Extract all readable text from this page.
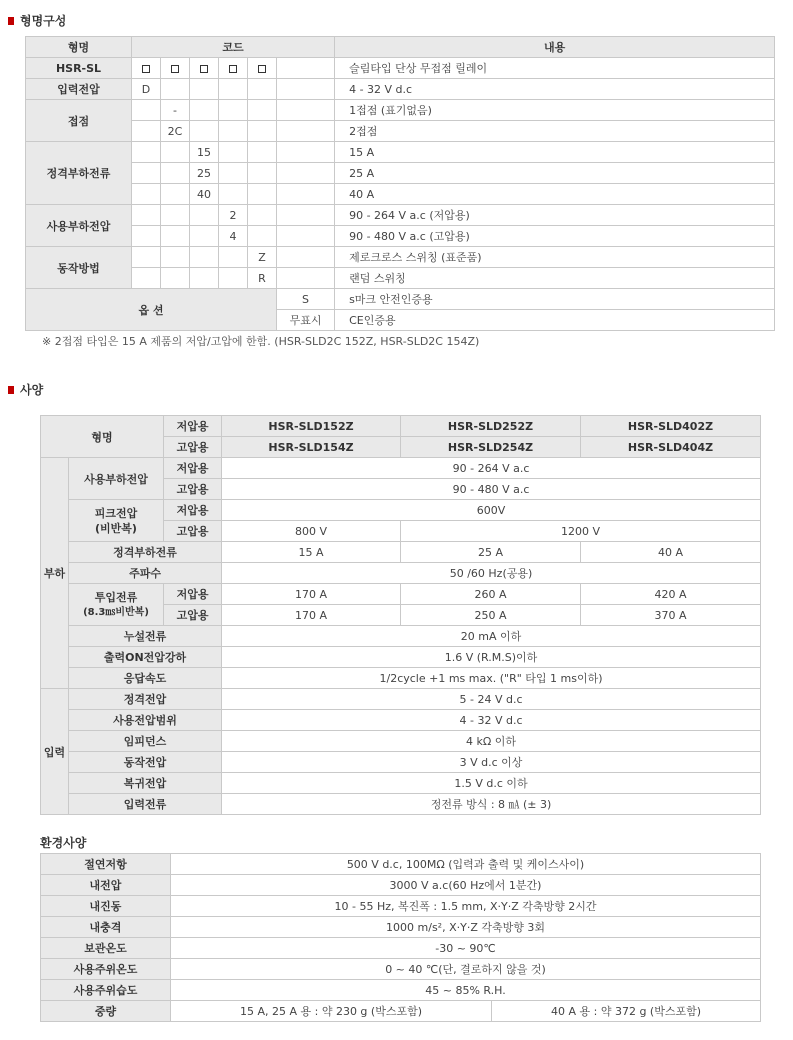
형명구성
형명	코드						내용
HSR-SL							슬림타입 단상 무접점 릴레이
입력전압	D						4 - 32 V d.c
접점		-					1접점 (표기없음)
		2C					2접점
정격부하전류			15				15 A
			25				25 A
			40				40 A
사용부하전압				2			90 - 264 V a.c (저압용)
				4			90 - 480 V a.c (고압용)
동작방법					Z		제로크로스 스위칭 (표준품)
					R		랜덤 스위칭
옵 션						S	s마크 안전인증용
						무표시	CE인증용
※ 2접점 타입은 15 A 제품의 저압/고압에 한함. (HSR-SLD2C 152Z, HSR-SLD2C 154Z)
사양
형명		저압용	HSR-SLD152Z	HSR-SLD252Z	HSR-SLD402Z
		고압용	HSR-SLD154Z	HSR-SLD254Z	HSR-SLD404Z
부하	사용부하전압	저압용	90 - 264 V a.c		
		고압용	90 - 480 V a.c		

	피크전압
(비반복)	저압용	600V		
		고압용	800 V	1200 V	
	정격부하전류		15 A	25 A	40 A
	주파수		50 /60 Hz(공용)		

	투입전류
(8.3㎳비반복)	저압용	170 A	260 A	420 A
		고압용	170 A	250 A	370 A
	누설전류		20 mA 이하		
	출력ON전압강하		1.6 V (R.M.S)이하		
	응답속도		1/2cycle +1 ms max. ("R" 타입 1 ms이하)		
입력	정격전압		5 - 24 V d.c		
	사용전압범위		4 - 32 V d.c		
	임피던스		4 kΩ 이하		
	동작전압		3 V d.c 이상		
	복귀전압		1.5 V d.c 이하		
	입력전류		정전류 방식 : 8 ㎃ (± 3)		
환경사양
절연저항	500 V d.c, 100MΩ (입력과 출력 및 케이스사이)	
내전압	3000 V a.c(60 Hz에서 1분간)	
내진동	10 - 55 Hz, 복진폭 : 1.5 mm, X·Y·Z 각축방향 2시간	
내충격	1000 m/s², X·Y·Z 각축방향 3회	
보관온도	-30 ~ 90℃	
사용주위온도	0 ~ 40 ℃(단, 결로하지 않을 것)	
사용주위습도	45 ~ 85% R.H.	
중량	15 A, 25 A 용 : 약 230 g (박스포함)	40 A 용 : 약 372 g (박스포함)
